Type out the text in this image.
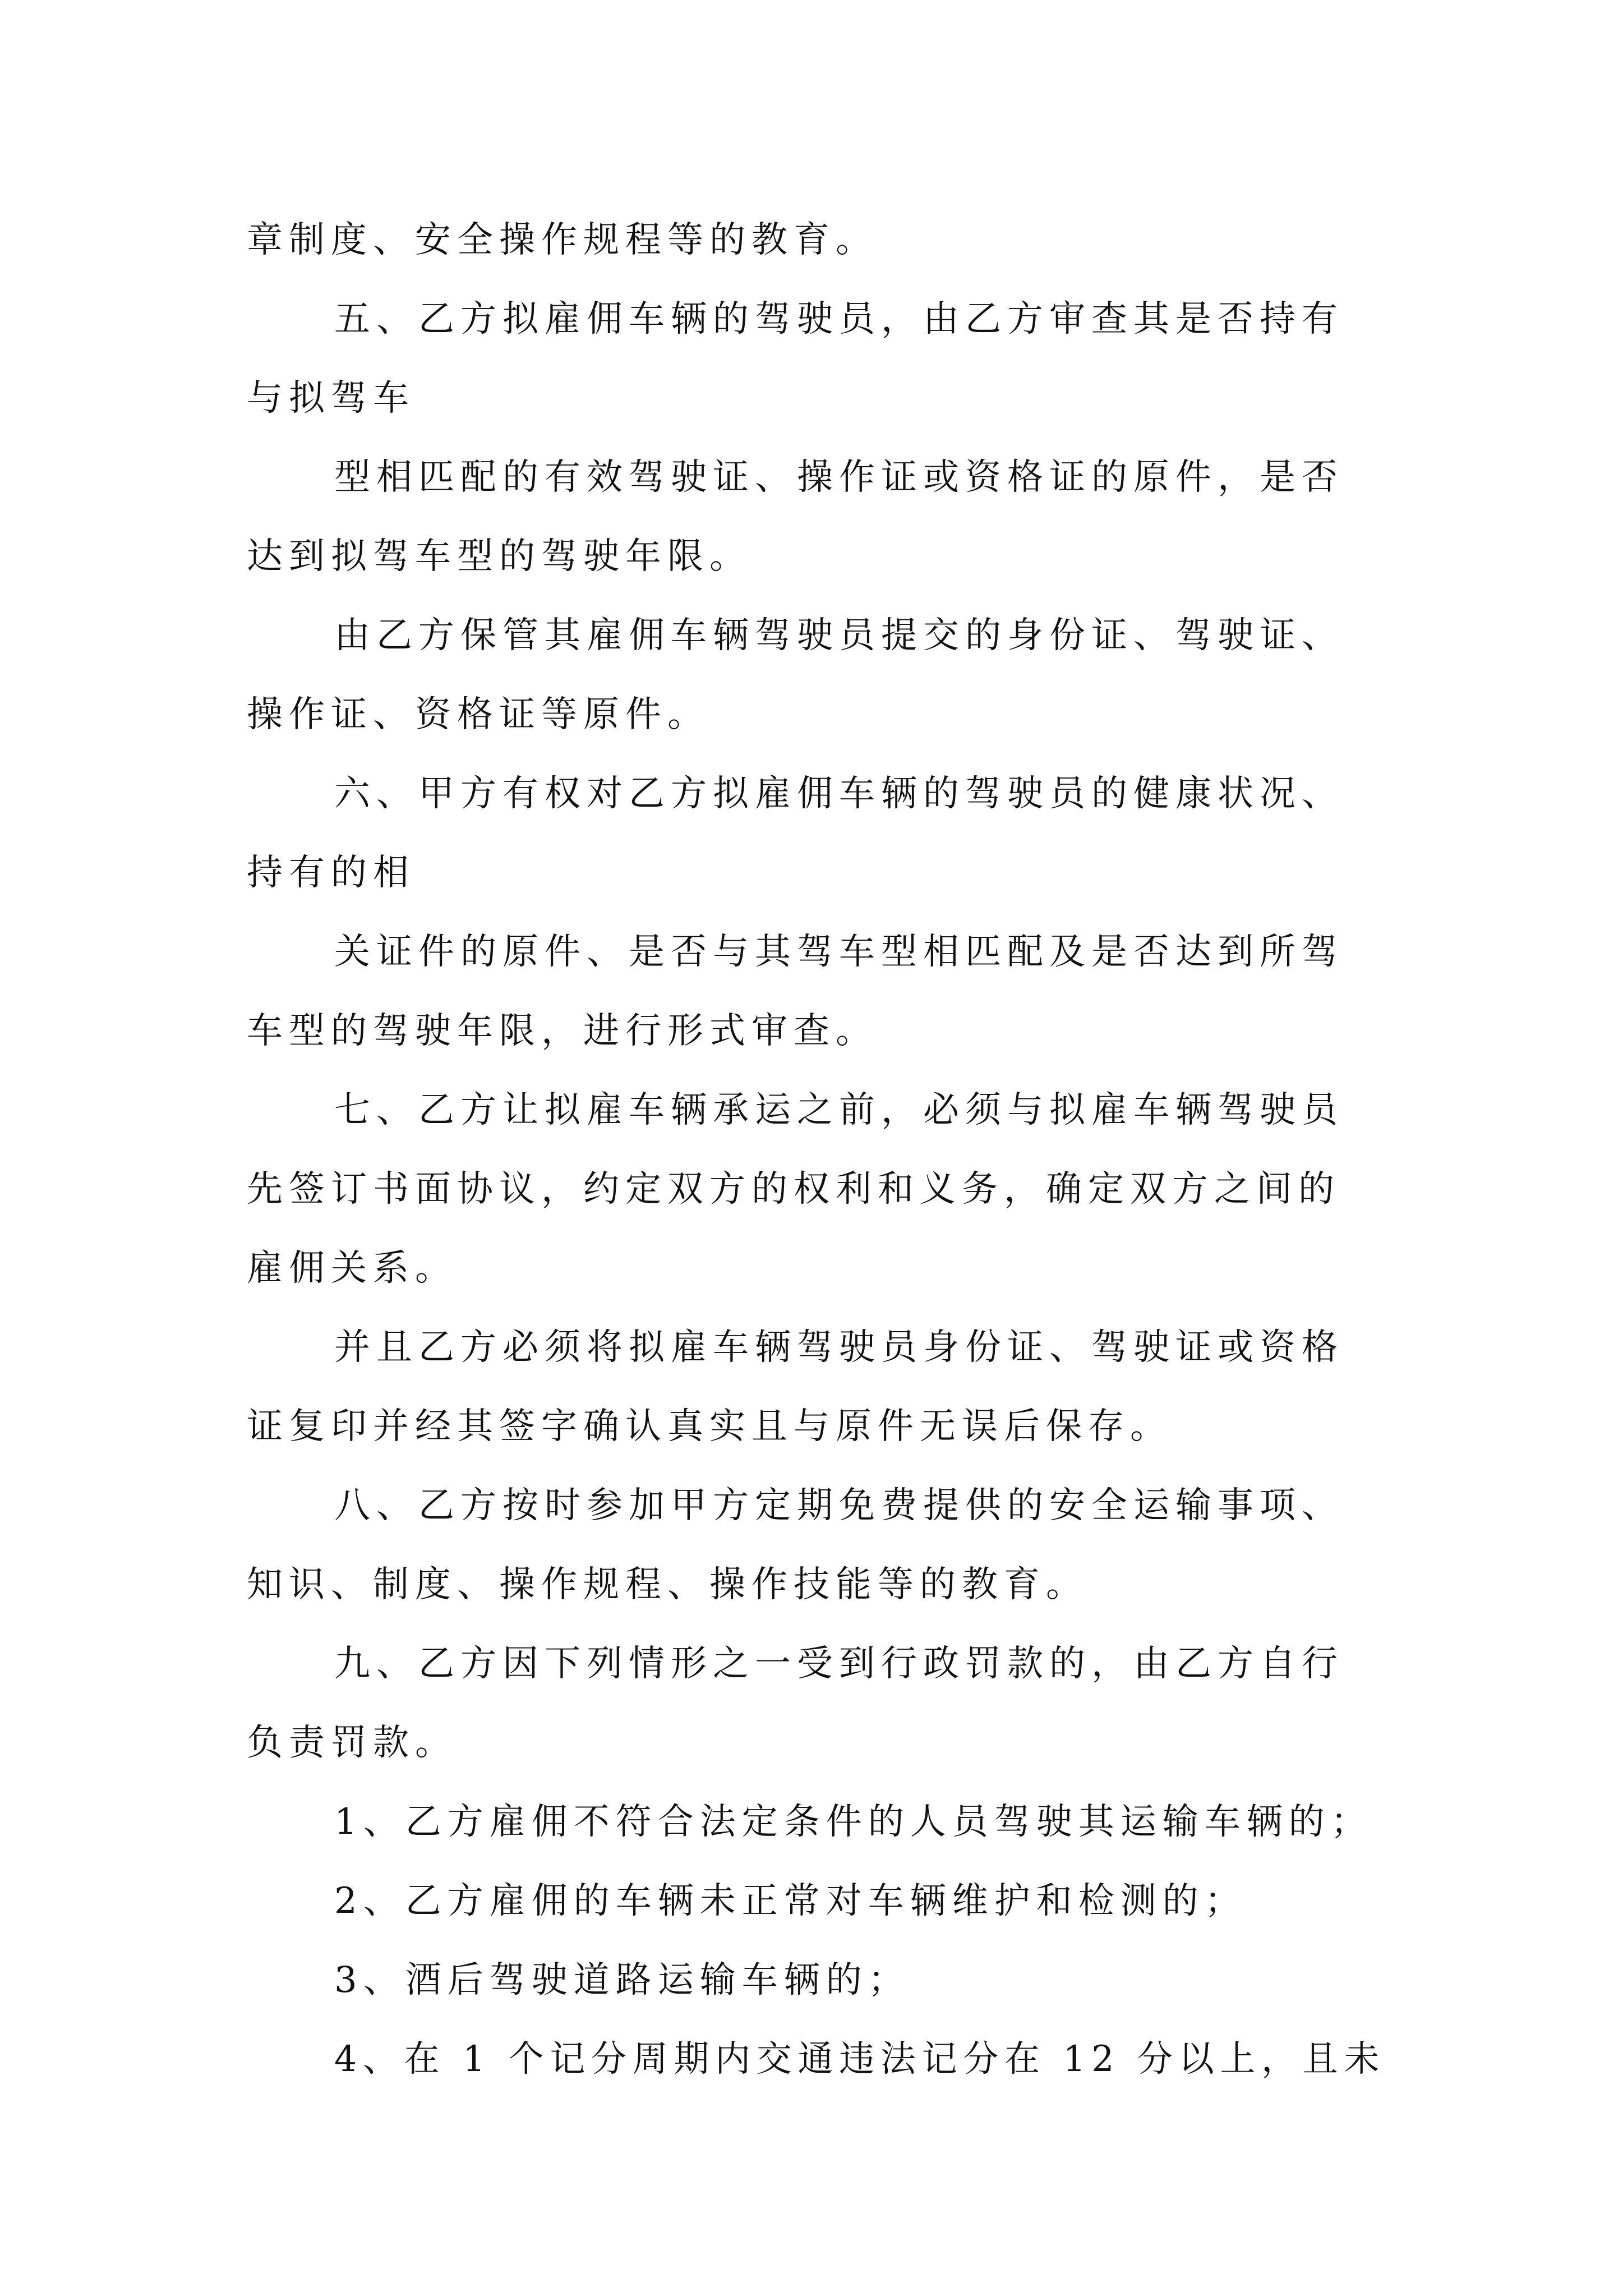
章制度、安全操作规程等的教育。
五、乙方拟雇佣车辆的驾驶员，由乙方审查其是否持有
与拟驾车
型相匹配的有效驾驶证、操作证或资格证的原件，是否
达到拟驾车型的驾驶年限。
由乙方保管其雇佣车辆驾驶员提交的身份证、驾驶证、
操作证、资格证等原件。
六、甲方有权对乙方拟雇佣车辆的驾驶员的健康状况、
持有的相
关证件的原件、是否与其驾车型相匹配及是否达到所驾
车型的驾驶年限，进行形式审查。
七、乙方让拟雇车辆承运之前，必须与拟雇车辆驾驶员
先签订书面协议，约定双方的权利和义务，确定双方之间的
雇佣关系。
并且乙方必须将拟雇车辆驾驶员身份证、驾驶证或资格
证复印并经其签字确认真实且与原件无误后保存。
八、乙方按时参加甲方定期免费提供的安全运输事项、
知识、制度、操作规程、操作技能等的教育。
九、乙方因下列情形之一受到行政罚款的，由乙方自行
负责罚款。
1、乙方雇佣不符合法定条件的人员驾驶其运输车辆的；
2、乙方雇佣的车辆未正常对车辆维护和检测的；
3、酒后驾驶道路运输车辆的；
4、在 1 个记分周期内交通违法记分在 12 分以上，且未
